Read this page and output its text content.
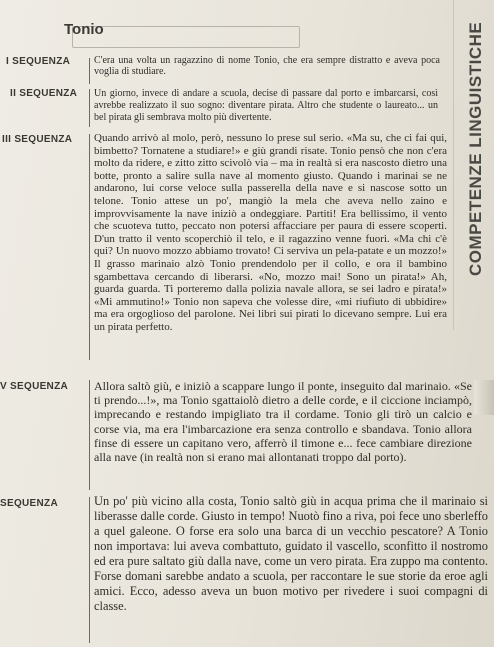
Tonio	COMPETENZE LINGUISTICHE
I SEQUENZA C'era una volta un ragazzino di nome Tonio, che era sempre distratto e aveva poca voglia di studiare.

II SEQUENZA Un giorno, invece di andare a scuola, decise di passare dal porto e imbarcarsi, così avrebbe realizzato il suo sogno: diventare pirata. Altro che studente o laureato... un bel pirata gli sembrava molto più divertente.

III SEQUENZA Quando arrivò al molo, però, nessuno lo prese sul serio. «Ma su, che ci fai qui, bimbetto? Tornatene a studiare!» e giù grandi risate. Tonio pensò che non c'era molto da ridere, e zitto zitto scivolò via – ma in realtà si era nascosto dietro una botte, pronto a salire sulla nave al momento giusto. Quando i marinai se ne andarono, lui corse veloce sulla passerella della nave e si nascose sotto un telone. Tonio attese un po', mangiò la mela che aveva nello zaino e improvvisamente la nave iniziò a ondeggiare. Partiti! Era bellissimo, il vento che scuoteva tutto, peccato non potersi affacciare per paura di essere scoperti. D'un tratto il vento scoperchiò il telo, e il ragazzino venne fuori. «Ma chi c'è qui? Un nuovo mozzo abbiamo trovato! Ci serviva un pela-patate e un mozzo!» Il grasso marinaio alzò Tonio prendendolo per il collo, e ora il bambino sgambettava cercando di liberarsi. «No, mozzo mai! Sono un pirata!» Ah, guarda guarda. Ti porteremo dalla polizia navale allora, se sei ladro e pirata!» «Mi ammutino!» Tonio non sapeva che volesse dire, «mi riufiuto di ubbidire» ma era orgoglioso del parolone. Nei libri sui pirati lo dicevano sempre. Lui era un pirata perfetto.

V SEQUENZA Allora saltò giù, e iniziò a scappare lungo il ponte, inseguito dal marinaio. «Se ti prendo...!», ma Tonio sgattaiolò dietro a delle corde, e il ciccione inciampò, imprecando e restando impigliato tra il cordame. Tonio gli tirò un calcio e corse via, ma era l'imbarcazione era senza controllo e sbandava. Tonio allora finse di essere un capitano vero, afferrò il timone e... fece cambiare direzione alla nave (in realtà non si erano mai allontanati troppo dal porto).

SEQUENZA	Un po' più vicino alla costa, Tonio saltò giù in acqua prima che il marinaio si liberasse dalle corde. Giusto in tempo! Nuotò fino a riva, poi fece uno sberleffo a quel galeone. O forse era solo una barca di un vecchio pescatore? A Tonio non importava: lui aveva combattuto, guidato il vascello, sconfitto il nostromo ed era pure saltato giù dalla nave, come un vero pirata. Era zuppo ma contento. Forse domani sarebbe andato a scuola, per raccontare le sue storie da eroe agli amici. Ecco, adesso aveva un buon motivo per rivedere i suoi compagni di classe.
